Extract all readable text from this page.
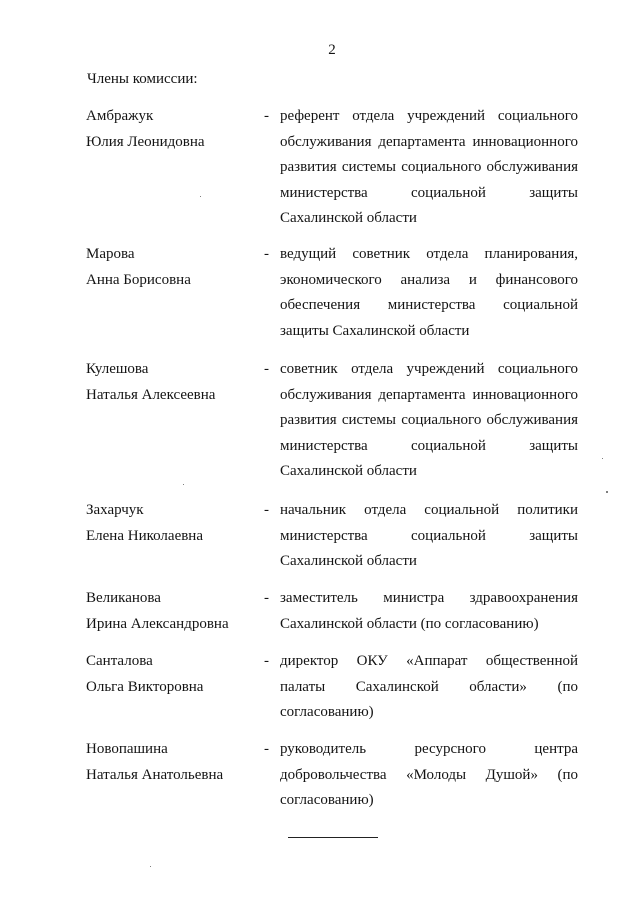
2
Члены комиссии:
Амбражук
Юлия Леонидовна
- референт отдела учреждений социального
обслуживания департамента инновационного
развития системы социального обслуживания
министерства социальной защиты
Сахалинской области
Марова
Анна Борисовна
- ведущий советник отдела планирования,
экономического анализа и финансового
обеспечения министерства социальной
защиты Сахалинской области
Кулешова
Наталья Алексеевна
- советник отдела учреждений социального
обслуживания департамента инновационного
развития системы социального обслуживания
министерства социальной защиты
Сахалинской области
Захарчук
Елена Николаевна
- начальник отдела социальной политики
министерства социальной защиты
Сахалинской области
Великанова
Ирина Александровна
- заместитель министра здравоохранения
Сахалинской области (по согласованию)
Санталова
Ольга Викторовна
- директор ОКУ «Аппарат общественной
палаты Сахалинской области» (по
согласованию)
Новопашина
Наталья Анатольевна
- руководитель ресурсного центра
добровольчества «Молоды Душой» (по
согласованию)
